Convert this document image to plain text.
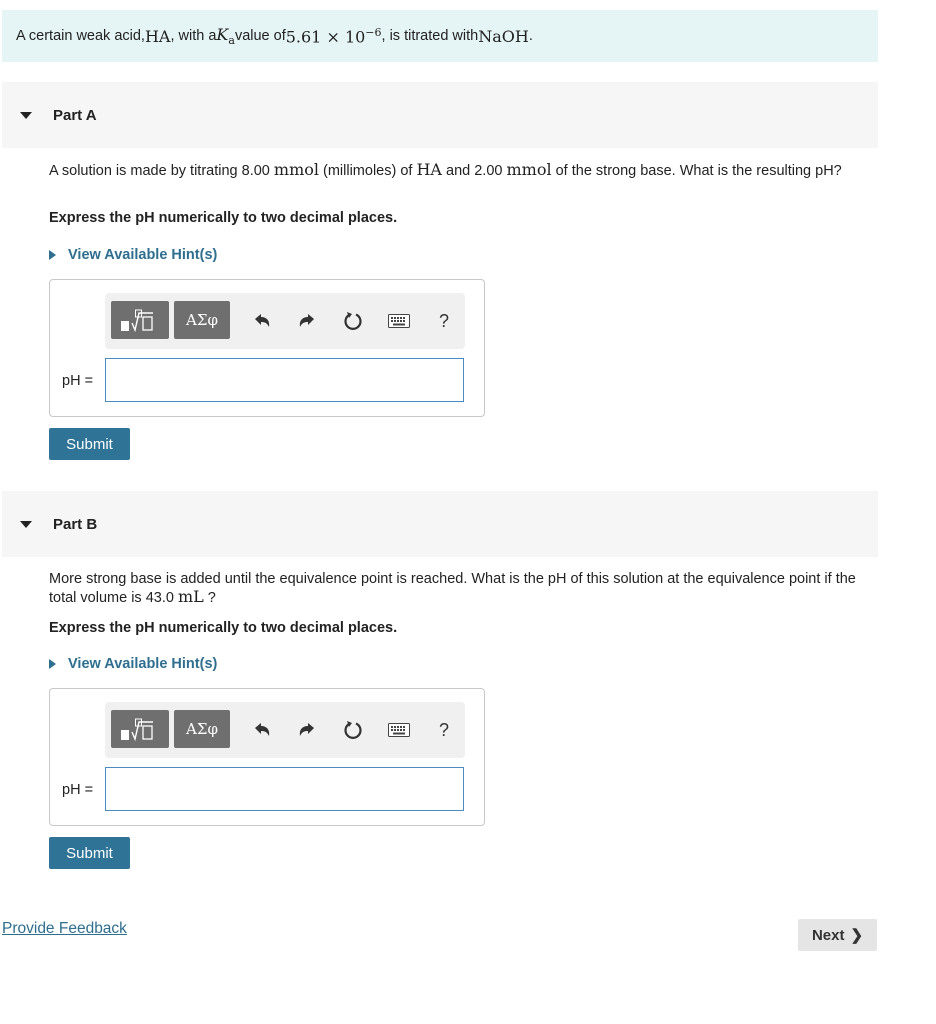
A certain weak acid, HA , with a $K_a$ value of $5.61 \times 10^{-6}$ , is titrated with NaOH .
Part A
A solution is made by titrating 8.00 mmol (millimoles) of HA and 2.00 mmol of the strong base. What is the resulting pH?
Express the pH numerically to two decimal places.
View Available Hint(s)
ΑΣφ	?
pH =
Submit
Part B
More strong base is added until the equivalence point is reached. What is the pH of this solution at the equivalence point if the total volume is 43.0 mL ?
Express the pH numerically to two decimal places.
View Available Hint(s)
ΑΣφ	?
pH =
Submit
Provide Feedback	Next ❯
